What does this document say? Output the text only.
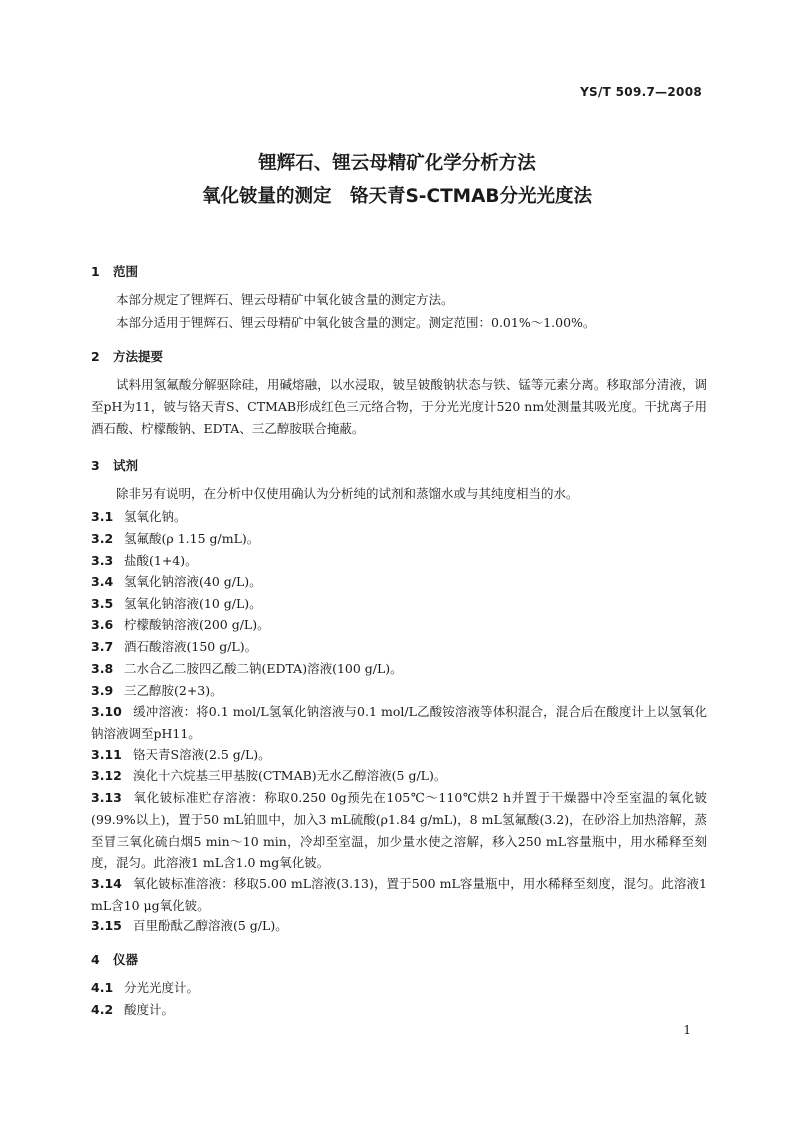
YS/T 509.7—2008
锂辉石、锂云母精矿化学分析方法
氧化铍量的测定　铬天青S-CTMAB分光光度法
1 范围
本部分规定了锂辉石、锂云母精矿中氧化铍含量的测定方法。
本部分适用于锂辉石、锂云母精矿中氧化铍含量的测定。测定范围：0.01%～1.00%。
2 方法提要
试料用氢氟酸分解驱除硅，用碱熔融，以水浸取，铍呈铍酸钠状态与铁、锰等元素分离。移取部分清液，调至pH为11，铍与铬天青S、CTMAB形成红色三元络合物，于分光光度计520 nm处测量其吸光度。干扰离子用酒石酸、柠檬酸钠、EDTA、三乙醇胺联合掩蔽。
3 试剂
除非另有说明，在分析中仅使用确认为分析纯的试剂和蒸馏水或与其纯度相当的水。
3.1 氢氧化钠。
3.2 氢氟酸(ρ 1.15 g/mL)。
3.3 盐酸(1+4)。
3.4 氢氧化钠溶液(40 g/L)。
3.5 氢氧化钠溶液(10 g/L)。
3.6 柠檬酸钠溶液(200 g/L)。
3.7 酒石酸溶液(150 g/L)。
3.8 二水合乙二胺四乙酸二钠(EDTA)溶液(100 g/L)。
3.9 三乙醇胺(2+3)。
3.10 缓冲溶液：将0.1 mol/L氢氧化钠溶液与0.1 mol/L乙酸铵溶液等体积混合，混合后在酸度计上以氢氧化钠溶液调至pH11。
3.11 铬天青S溶液(2.5 g/L)。
3.12 溴化十六烷基三甲基胺(CTMAB)无水乙醇溶液(5 g/L)。
3.13 氧化铍标准贮存溶液：称取0.250 0g预先在105℃～110℃烘2 h并置于干燥器中冷至室温的氧化铍(99.9%以上)，置于50 mL铂皿中，加入3 mL硫酸(ρ1.84 g/mL)，8 mL氢氟酸(3.2)，在砂浴上加热溶解，蒸至冒三氧化硫白烟5 min～10 min，冷却至室温，加少量水使之溶解，移入250 mL容量瓶中，用水稀释至刻度，混匀。此溶液1 mL含1.0 mg氧化铍。
3.14 氧化铍标准溶液：移取5.00 mL溶液(3.13)，置于500 mL容量瓶中，用水稀释至刻度，混匀。此溶液1 mL含10 μg氧化铍。
3.15 百里酚酞乙醇溶液(5 g/L)。
4 仪器
4.1 分光光度计。
4.2 酸度计。
1
